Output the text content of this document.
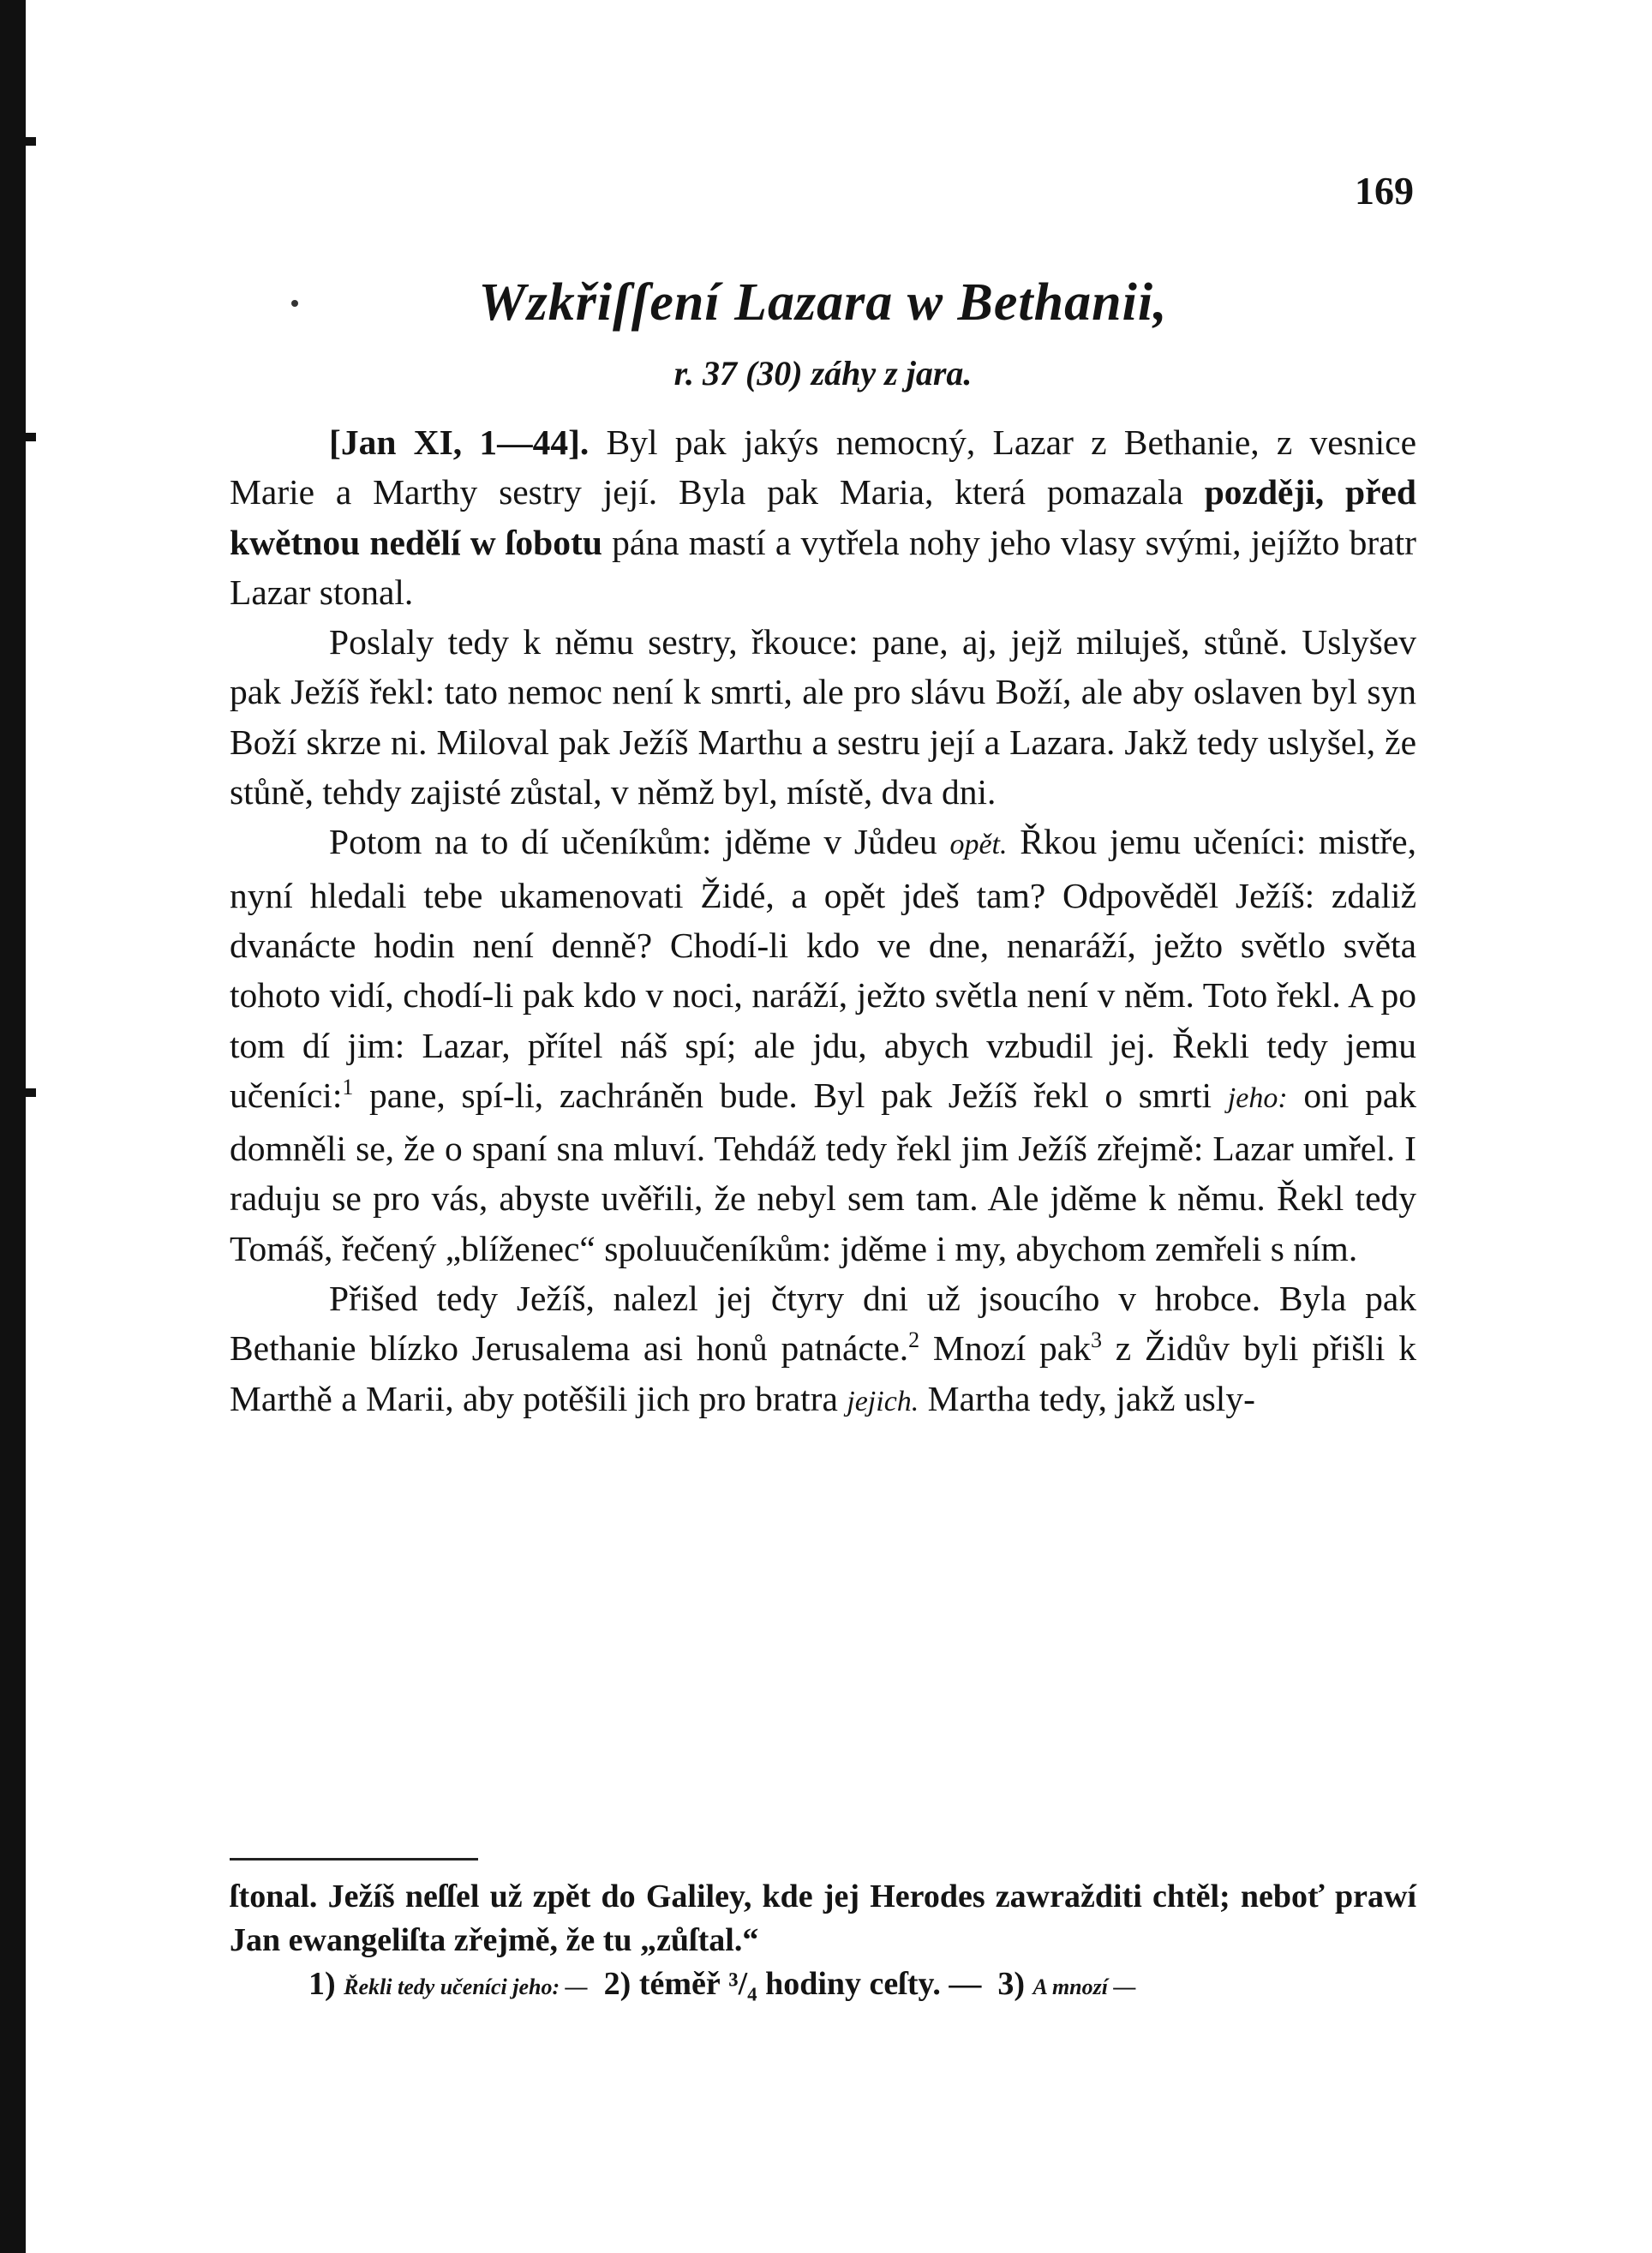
169
Wzkřiſſení Lazara w Bethanii,
r. 37 (30) záhy z jara.

[Jan XI, 1—44]. Byl pak jakýs nemocný, Lazar z Bethanie, z vesnice Marie a Marthy sestry její. Byla pak Maria, která pomazala později, před kwětnou nedělí w ſobotu pána mastí a vytřela nohy jeho vlasy svými, jejížto bratr Lazar stonal.

Poslaly tedy k němu sestry, řkouce: pane, aj, jejž miluješ, stůně. Uslyšev pak Ježíš řekl: tato nemoc není k smrti, ale pro slávu Boží, ale aby oslaven byl syn Boží skrze ni. Miloval pak Ježíš Marthu a sestru její a Lazara. Jakž tedy uslyšel, že stůně, tehdy zajisté zůstal, v němž byl, místě, dva dni.

Potom na to dí učeníkům: jděme v Jůdeu opět. Řkou jemu učeníci: mistře, nyní hledali tebe ukamenovati Židé, a opět jdeš tam? Odpověděl Ježíš: zdaliž dvanácte hodin není denně? Chodí-li kdo ve dne, nenaráží, ježto světlo světa tohoto vidí, chodí-li pak kdo v noci, naráží, ježto světla není v něm. Toto řekl. A po tom dí jim: Lazar, přítel náš spí; ale jdu, abych vzbudil jej. Řekli tedy jemu učeníci:$^1$ pane, spí-li, zachráněn bude. Byl pak Ježíš řekl o smrti jeho: oni pak domněli se, že o spaní sna mluví. Tehdáž tedy řekl jim Ježíš zřejmě: Lazar umřel. I raduju se pro vás, abyste uvěřili, že nebyl sem tam. Ale jděme k němu. Řekl tedy Tomáš, řečený „blíženec“ spoluučeníkům: jděme i my, abychom zemřeli s ním.

Přišed tedy Ježíš, nalezl jej čtyry dni už jsoucího v hrobce. Byla pak Bethanie blízko Jerusalema asi honů patnácte.$^2$ Mnozí pak$^3$ z Židův byli přišli k Marthě a Marii, aby potěšili jich pro bratra jejich. Martha tedy, jakž usly-

ſtonal. Ježíš neſſel už zpět do Galiley, kde jej Herodes zawražditi chtěl; neboť prawí Jan ewangeliſta zřejmě, že tu „zůſtal.“

1) Řekli tedy učeníci jeho: — 2) téměř ³/₄ hodiny ceſty. — 3) A mnozí —
